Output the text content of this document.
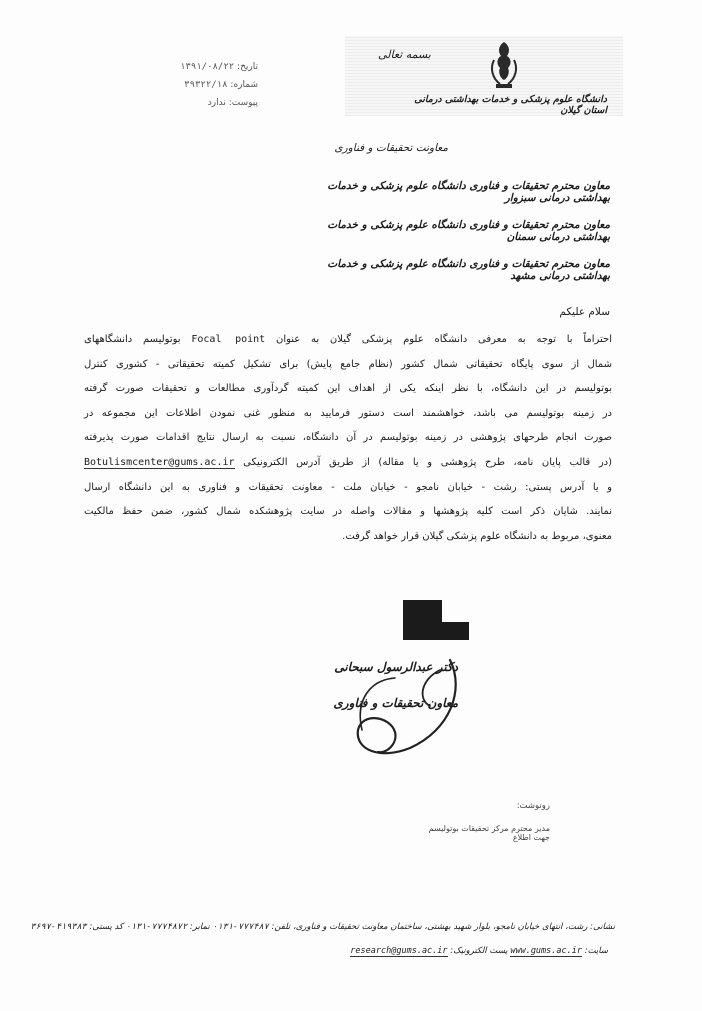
بسمه تعالی
دانشگاه علوم پزشکی و خدمات بهداشتی درمانی استان گیلان
تاریخ: ۱۳۹۱/۰۸/۲۲
شماره: ۳۹۳۲۲/۱۸
پیوست: ندارد
معاونت تحقیقات و فناوری
معاون محترم تحقیقات و فناوری دانشگاه علوم پزشکی و خدمات بهداشتی درمانی سبزوار
معاون محترم تحقیقات و فناوری دانشگاه علوم پزشکی و خدمات بهداشتی درمانی سمنان
معاون محترم تحقیقات و فناوری دانشگاه علوم پزشکی و خدمات بهداشتی درمانی مشهد
سلام علیکم
احتراماً با توجه به معرفی دانشگاه علوم پزشکی گیلان به عنوان Focal point بوتولیسم دانشگاههای
شمال از سوی پایگاه تحقیقاتی شمال کشور (نظام جامع پایش) برای تشکیل کمیته تحقیقاتی - کشوری کنترل
بوتولیسم در این دانشگاه، با نظر اینکه یکی از اهداف این کمیته گردآوری مطالعات و تحقیقات صورت گرفته
در زمینه بوتولیسم می باشد، خواهشمند است دستور فرمایید به منظور غنی نمودن اطلاعات این مجموعه در
صورت انجام طرحهای پژوهشی در زمینه بوتولیسم در آن دانشگاه، نسبت به ارسال نتایج اقدامات صورت پذیرفته
(در قالب پایان نامه، طرح پژوهشی و یا مقاله) از طریق آدرس الکترونیکی Botulismcenter@gums.ac.ir
و یا آدرس پستی: رشت - خیابان نامجو - خیابان ملت - معاونت تحقیقات و فناوری به این دانشگاه ارسال
نمایند. شایان ذکر است کلیه پژوهشها و مقالات واصله در سایت پژوهشکده شمال کشور، ضمن حفظ مالکیت
معنوی، مربوط به دانشگاه علوم پزشکی گیلان قرار خواهد گرفت.
دکتر عبدالرسول سبحانی
معاون تحقیقات و فناوری
رونوشت:
مدیر محترم مرکز تحقیقات بوتولیسم جهت اطلاع
نشانی: رشت، انتهای خیابان نامجو، بلوار شهید بهشتی، ساختمان معاونت تحقیقات و فناوری، تلفن: ۷۷۷۴۸۷-۰۱۳۱ نمابر: ۷۷۷۴۸۷۲-۰۱۳۱ کد پستی: ۴۱۹۳۸۳-۳۶۹۷
سایت: www.gums.ac.ir پست الکترونیک: research@gums.ac.ir
